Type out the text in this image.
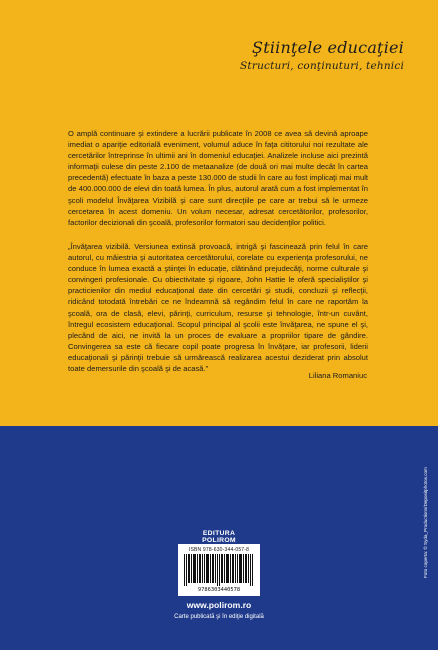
Ştiinţele educaţiei
Structuri, conţinuturi, tehnici

O amplă continuare şi extindere a lucrării publicate în 2008 ce avea să devină aproape imediat o apariţie editorială eveniment, volumul aduce în faţa cititorului noi rezultate ale cercetărilor întreprinse în ultimii ani în domeniul educaţiei. Analizele incluse aici prezintă informaţii culese din peste 2.100 de metaanalize (de două ori mai multe decât în cartea precedentă) efectuate în baza a peste 130.000 de studii în care au fost implicaţi mai mult de 400.000.000 de elevi din toată lumea. În plus, autorul arată cum a fost implementat în şcoli modelul Învăţarea Vizibilă şi care sunt direcţiile pe care ar trebui să le urmeze cercetarea în acest domeniu. Un volum necesar, adresat cercetătorilor, profesorilor, factorilor decizionali din şcoală, profesorilor formatori sau decidenţilor politici.

„Învăţarea vizibilă. Versiunea extinsă provoacă, intrigă şi fascinează prin felul în care autorul, cu măiestria şi autoritatea cercetătorului, corelate cu experienţa profesorului, ne conduce în lumea exactă a ştiinţei în educaţie, clătinând prejudecăţi, norme culturale şi convingeri profesionale. Cu obiectivitate şi rigoare, John Hattie le oferă specialiştilor şi practicienilor din mediul educaţional date din cercetări şi studii, concluzii şi reflecţii, ridicând totodată întrebări ce ne îndeamnă să regândim felul în care ne raportăm la şcoală, ora de clasă, elevi, părinţi, curriculum, resurse şi tehnologie, într-un cuvânt, întregul ecosistem educaţional. Scopul principal al şcolii este învăţarea, ne spune el şi, plecând de aici, ne invită la un proces de evaluare a propriilor tipare de gândire. Convingerea sa este că fiecare copil poate progresa în învăţare, iar profesorii, liderii educaţionali şi părinţii trebuie să urmărească realizarea acestui deziderat prin absolut toate demersurile din şcoală şi de acasă.”

Liliana Romaniuc
EDITURA POLIROM
ISBN 978-630-344-057-8
9786303440578
www.polirom.ro
Carte publicată şi în ediţie digitală
Foto coperta: © Syda_Productions/Depositphotos.com
